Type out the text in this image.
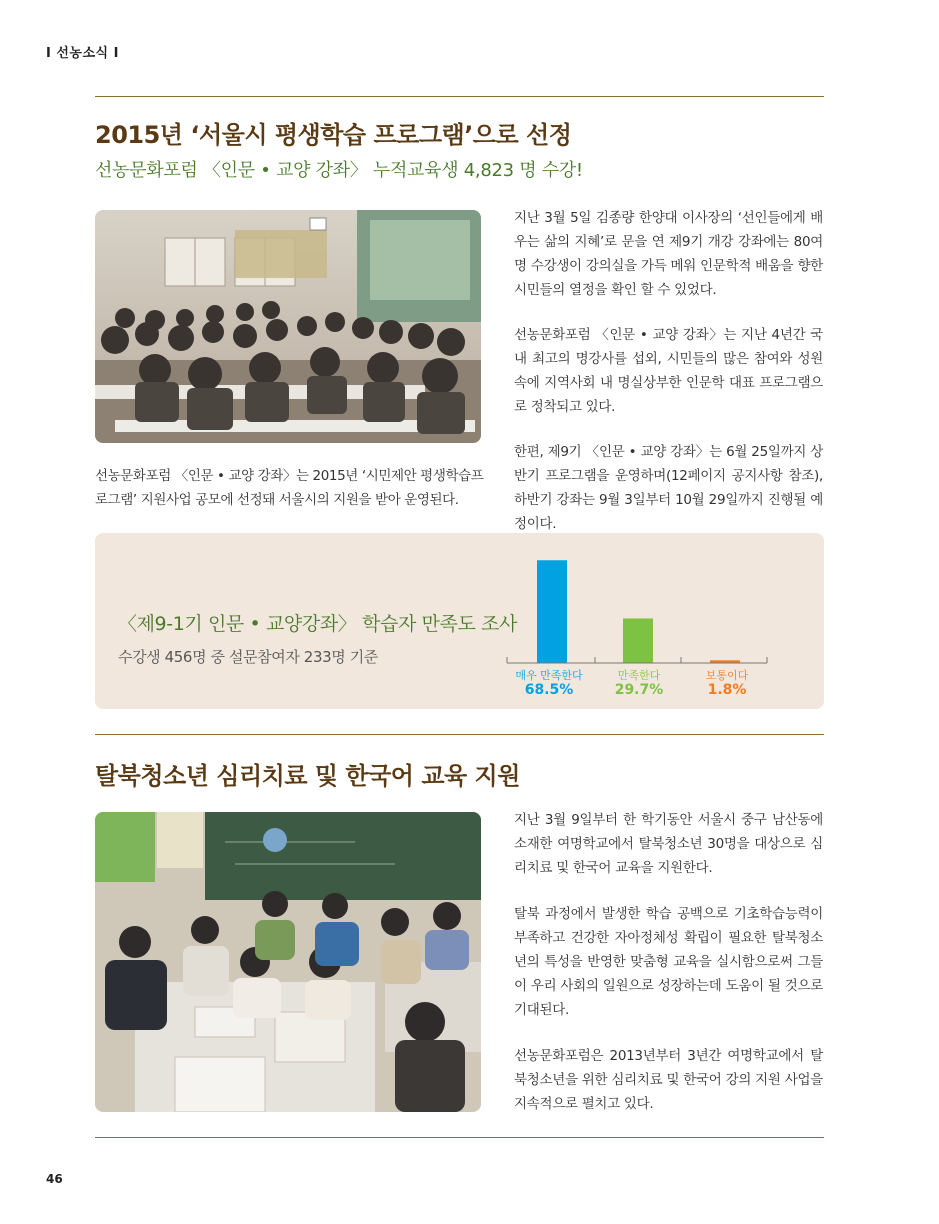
I 선농소식 I
2015년 ‘서울시 평생학습 프로그램’으로 선정
선농문화포럼 〈인문 • 교양 강좌〉 누적교육생 4,823 명 수강!
선농문화포럼 〈인문 • 교양 강좌〉는 2015년 ‘시민제안 평생학습프로그램’ 지원사업 공모에 선정돼 서울시의 지원을 받아 운영된다.
지난 3월 5일 김종량 한양대 이사장의 ‘선인들에게 배우는 삶의 지혜’로 문을 연 제9기 개강 강좌에는 80여 명 수강생이 강의실을 가득 메워 인문학적 배움을 향한 시민들의 열정을 확인 할 수 있었다.
선농문화포럼 〈인문 • 교양 강좌〉는 지난 4년간 국내 최고의 명강사를 섭외, 시민들의 많은 참여와 성원 속에 지역사회 내 명실상부한 인문학 대표 프로그램으로 정착되고 있다.
한편, 제9기 〈인문 • 교양 강좌〉는 6월 25일까지 상반기 프로그램을 운영하며(12페이지 공지사항 참조), 하반기 강좌는 9월 3일부터 10월 29일까지 진행될 예정이다.
〈제9-1기 인문 • 교양강좌〉 학습자 만족도 조사
수강생 456명 중 설문참여자 233명 기준
매우 만족한다	만족한다	보통이다
68.5%	29.7%	1.8%
탈북청소년 심리치료 및 한국어 교육 지원
지난 3월 9일부터 한 학기동안 서울시 중구 남산동에 소재한 여명학교에서 탈북청소년 30명을 대상으로 심리치료 및 한국어 교육을 지원한다.
탈북 과정에서 발생한 학습 공백으로 기초학습능력이 부족하고 건강한 자아정체성 확립이 필요한 탈북청소년의 특성을 반영한 맞춤형 교육을 실시함으로써 그들이 우리 사회의 일원으로 성장하는데 도움이 될 것으로 기대된다.
선농문화포럼은 2013년부터 3년간 여명학교에서 탈북청소년을 위한 심리치료 및 한국어 강의 지원 사업을 지속적으로 펼치고 있다.
46
